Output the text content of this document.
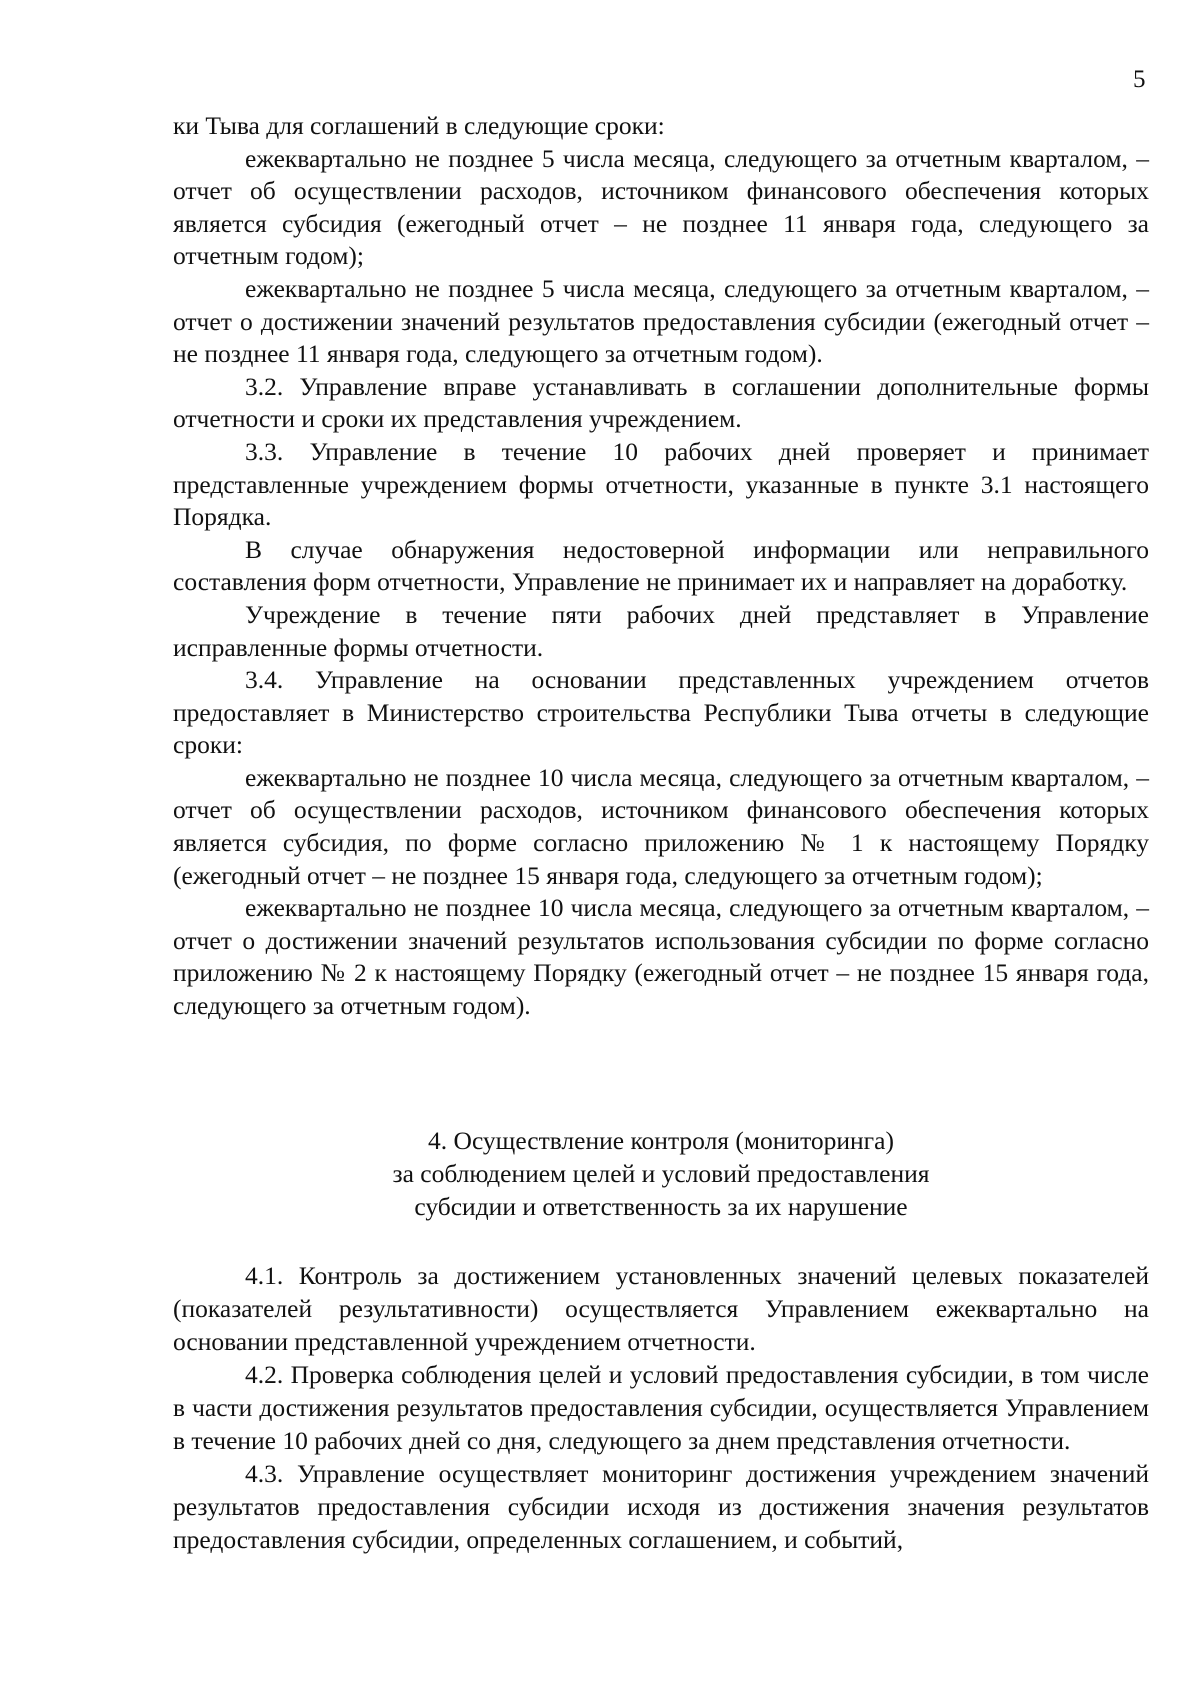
5

ки Тыва для соглашений в следующие сроки:

ежеквартально не позднее 5 числа месяца, следующего за отчетным кварталом, – отчет об осуществлении расходов, источником финансового обеспечения которых является субсидия (ежегодный отчет – не позднее 11 января года, следующего за отчетным годом);

ежеквартально не позднее 5 числа месяца, следующего за отчетным кварталом, – отчет о достижении значений результатов предоставления субсидии (ежегодный отчет – не позднее 11 января года, следующего за отчетным годом).

3.2. Управление вправе устанавливать в соглашении дополнительные формы отчетности и сроки их представления учреждением.

3.3. Управление в течение 10 рабочих дней проверяет и принимает представленные учреждением формы отчетности, указанные в пункте 3.1 настоящего Порядка.

В случае обнаружения недостоверной информации или неправильного составления форм отчетности, Управление не принимает их и направляет на доработку.

Учреждение в течение пяти рабочих дней представляет в Управление исправленные формы отчетности.

3.4. Управление на основании представленных учреждением отчетов предоставляет в Министерство строительства Республики Тыва отчеты в следующие сроки:

ежеквартально не позднее 10 числа месяца, следующего за отчетным кварталом, – отчет об осуществлении расходов, источником финансового обеспечения которых является субсидия, по форме согласно приложению № 1 к настоящему Порядку (ежегодный отчет – не позднее 15 января года, следующего за отчетным годом);

ежеквартально не позднее 10 числа месяца, следующего за отчетным кварталом, – отчет о достижении значений результатов использования субсидии по форме согласно приложению № 2 к настоящему Порядку (ежегодный отчет – не позднее 15 января года, следующего за отчетным годом).

4. Осуществление контроля (мониторинга)
за соблюдением целей и условий предоставления
субсидии и ответственность за их нарушение

4.1. Контроль за достижением установленных значений целевых показателей (показателей результативности) осуществляется Управлением ежеквартально на основании представленной учреждением отчетности.

4.2. Проверка соблюдения целей и условий предоставления субсидии, в том числе в части достижения результатов предоставления субсидии, осуществляется Управлением в течение 10 рабочих дней со дня, следующего за днем представления отчетности.

4.3. Управление осуществляет мониторинг достижения учреждением значений результатов предоставления субсидии исходя из достижения значения результатов предоставления субсидии, определенных соглашением, и событий,
